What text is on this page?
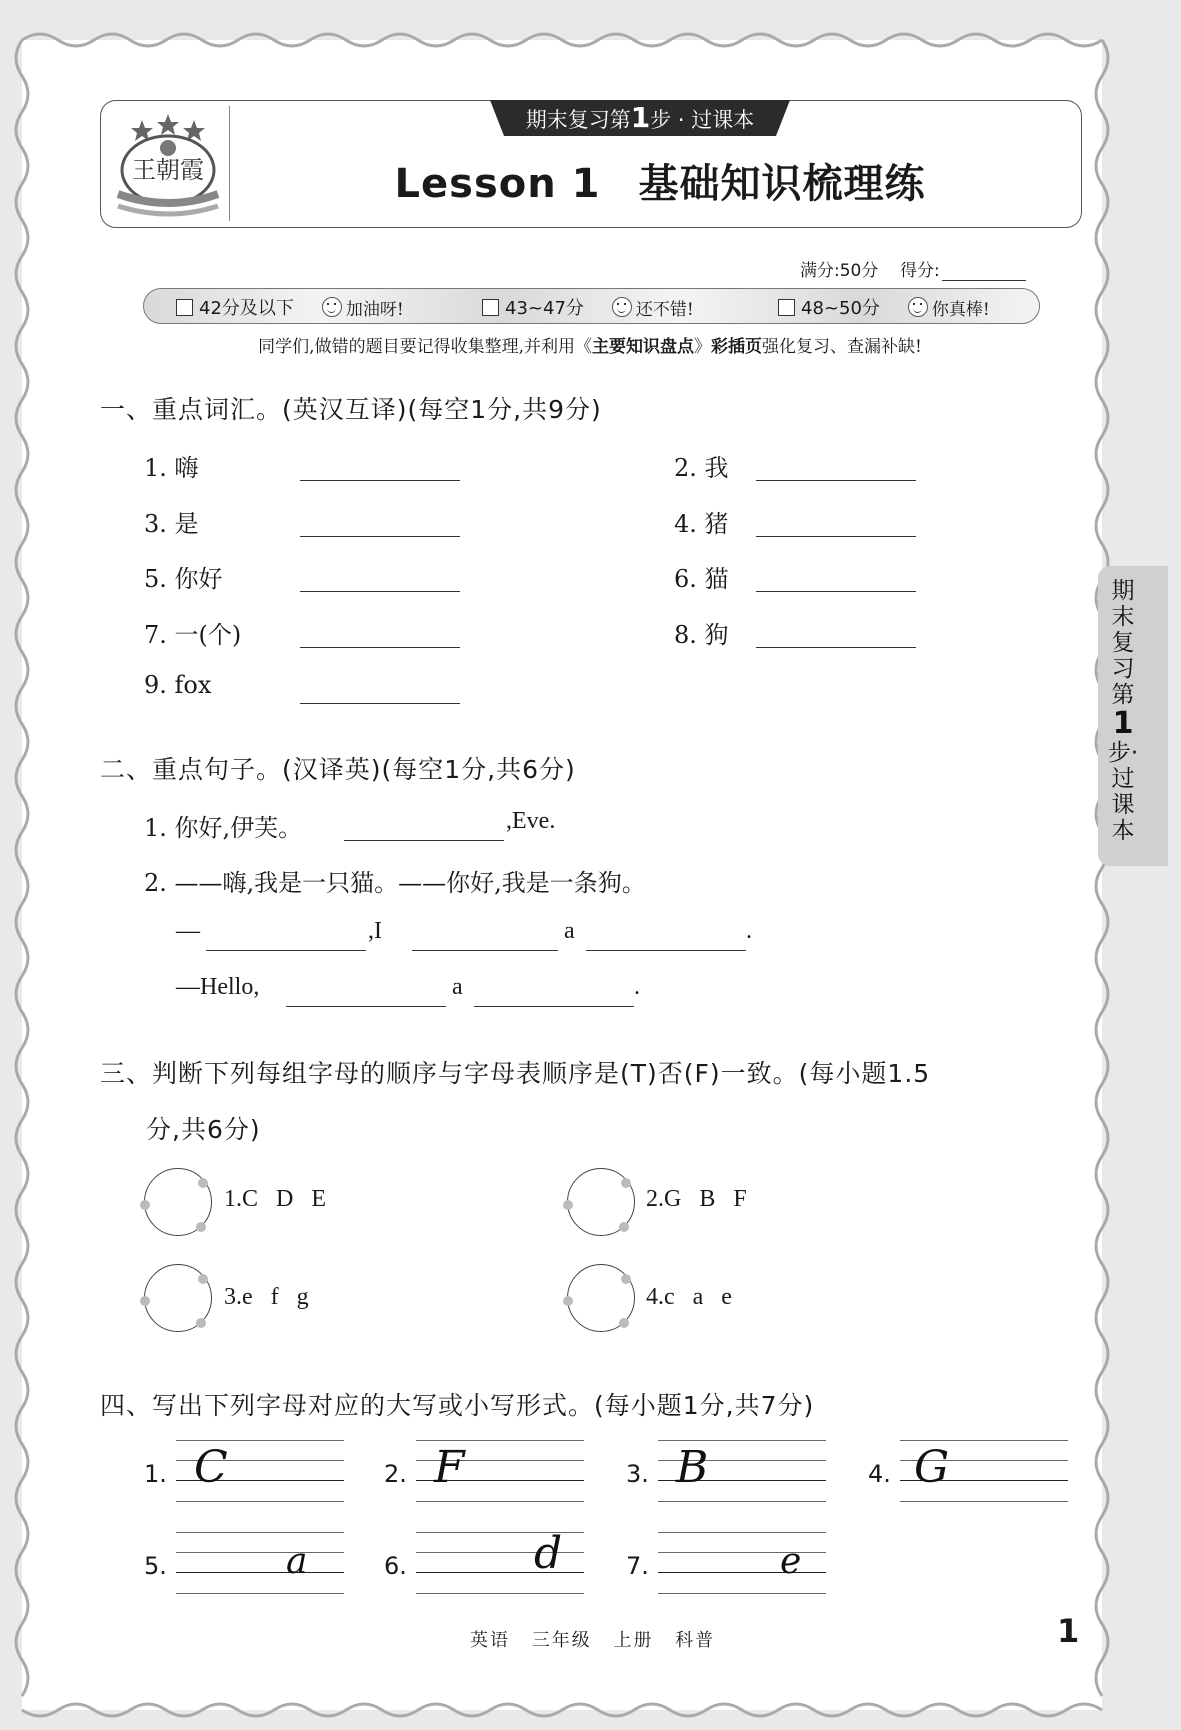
王朝霞
期末复习第1步 · 过课本
Lesson 1 基础知识梳理练
满分:50分 得分:
42分及以下	加油呀!	43~47分	还不错!	48~50分	你真棒!
同学们,做错的题目要记得收集整理,并利用《主要知识盘点》彩插页强化复习、查漏补缺!
一、重点词汇。(英汉互译)(每空1分,共9分)
1. 嗨	2. 我
3. 是	4. 猪
5. 你好	6. 猫
7. 一(个)	8. 狗
9. fox
二、重点句子。(汉译英)(每空1分,共6分)
1. 你好,伊芙。	,Eve.
2. ——嗨,我是一只猫。——你好,我是一条狗。
—	,I	a	.
—Hello,	a	.
三、判断下列每组字母的顺序与字母表顺序是(T)否(F)一致。(每小题1.5
分,共6分)
1.C   D   E	2.G   B   F
3.e   f   g	4.c   a   e
四、写出下列字母对应的大写或小写形式。(每小题1分,共7分)
1. C	2. F	3. B	4. G
5.	a	6.	d	7.	e
期末复习第
1
步·过课本
英语 三年级 上册 科普	1
